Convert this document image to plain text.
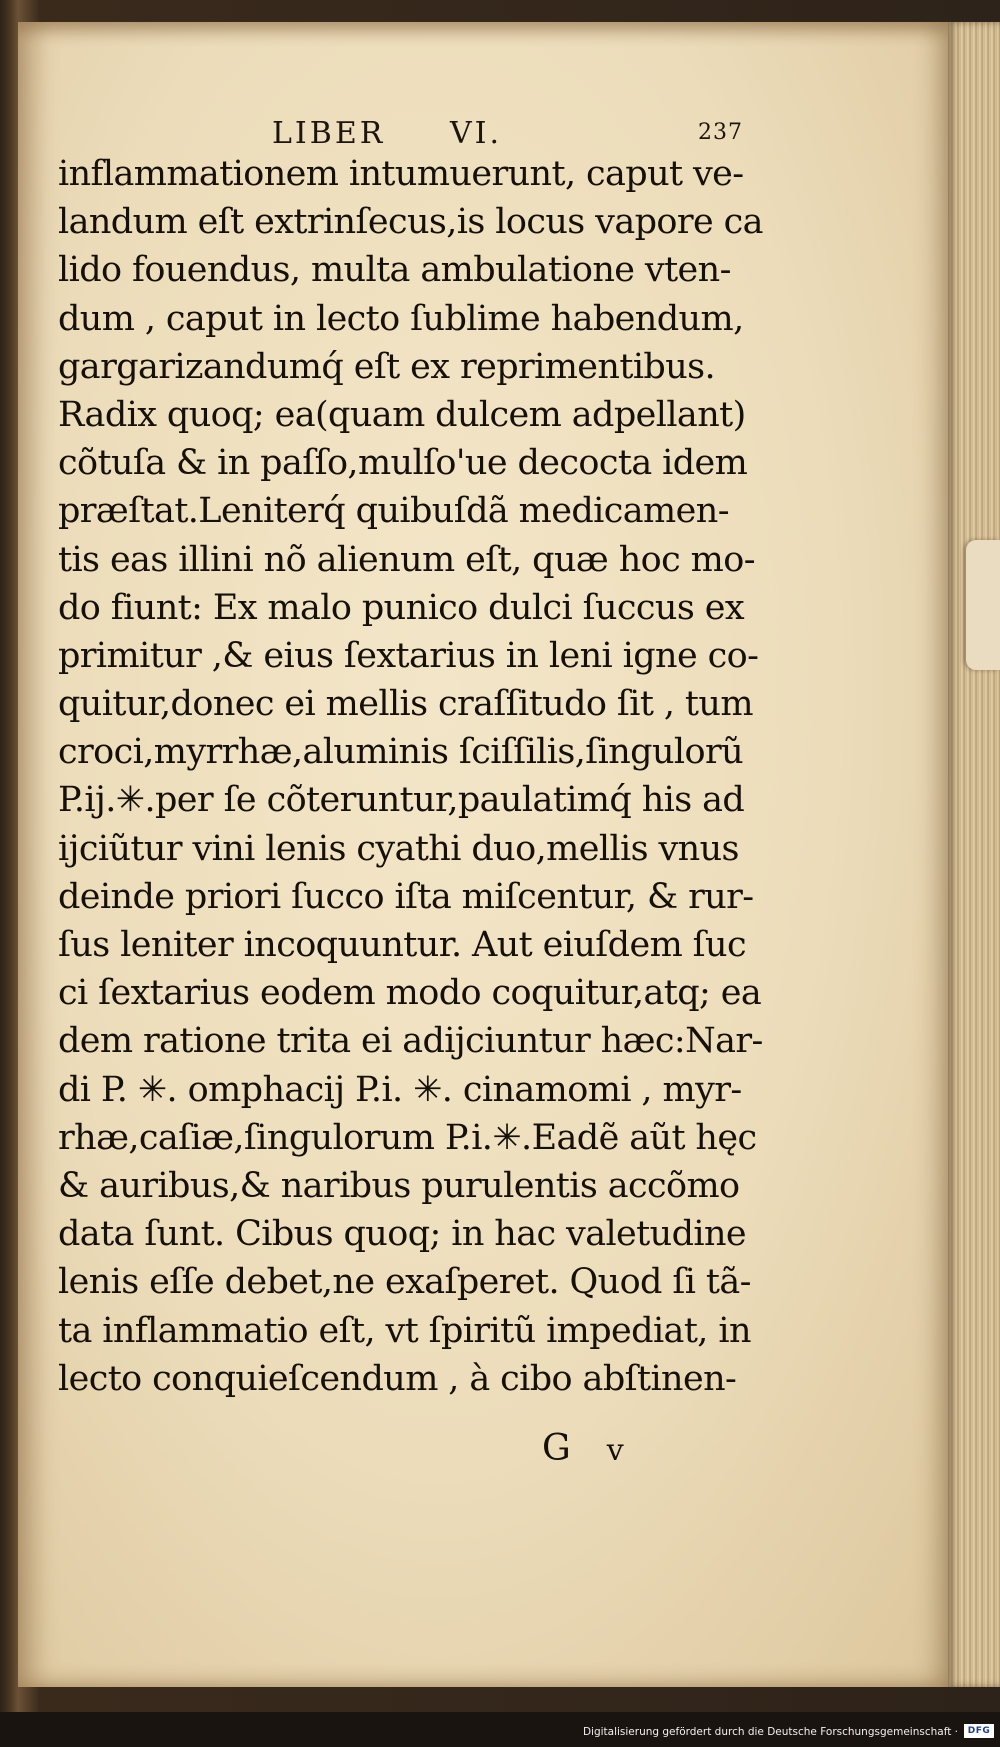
LIBER VI.	237
inflammationem intumuerunt, caput ve-
landum eſt extrinſecus,is locus vapore ca
lido fouendus, multa ambulatione vten-
dum , caput in lecto ſublime habendum,
gargarizandumq́ eſt ex reprimentibus.
Radix quoq; ea(quam dulcem adpellant)
cõtuſa & in paſſo,mulſo'ue decocta idem
præſtat.Leniterq́ quibuſdã medicamen-
tis eas illini nõ alienum eſt, quæ hoc mo-
do fiunt: Ex malo punico dulci ſuccus ex
primitur ,& eius ſextarius in leni igne co-
quitur,donec ei mellis craſſitudo ſit , tum
croci,myrrhæ,aluminis ſciſſilis,ſingulorũ
P.ij.✳.per ſe cõteruntur,paulatimq́ his ad
ijciũtur vini lenis cyathi duo,mellis vnus
deinde priori ſucco iſta miſcentur, & rur-
ſus leniter incoquuntur. Aut eiuſdem ſuc
ci ſextarius eodem modo coquitur,atq; ea
dem ratione trita ei adijciuntur hæc:Nar-
di P. ✳. omphacij P.i. ✳. cinamomi , myr-
rhæ,caſiæ,ſingulorum P.i.✳.Eadẽ aũt hęc
& auribus,& naribus purulentis accõmo
data ſunt. Cibus quoq; in hac valetudine
lenis eſſe debet,ne exaſperet. Quod ſi tã-
ta inflammatio eſt, vt ſpiritũ impediat, in
lecto conquieſcendum , à cibo abſtinen-
G v
Digitalisierung gefördert durch die Deutsche Forschungsgemeinschaft ·	DFG
